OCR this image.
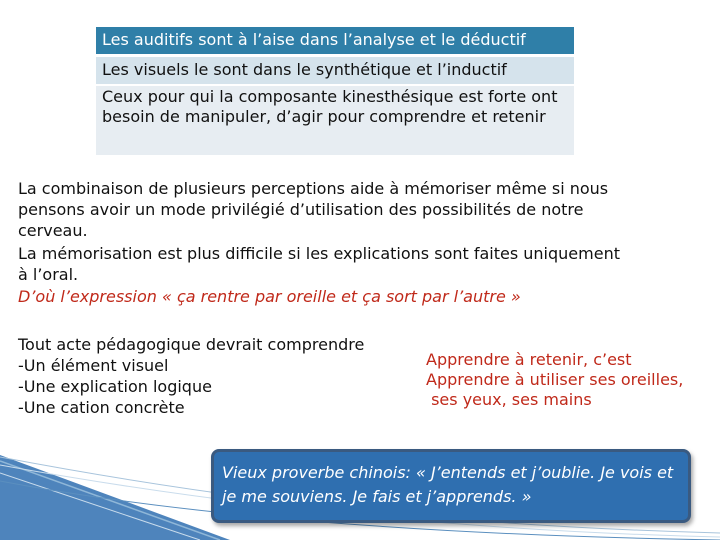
Les auditifs sont à l’aise dans l’analyse et le déductif
Les visuels le sont dans le synthétique et l’inductif
Ceux pour qui la composante kinesthésique est forte ont besoin de manipuler, d’agir pour comprendre et retenir
La combinaison de plusieurs perceptions aide à mémoriser même si nous
pensons avoir un mode privilégié d’utilisation des possibilités de notre
cerveau.
La mémorisation est plus difficile si les explications sont faites uniquement
à l’oral.
D’où l’expression « ça rentre par oreille et ça sort par l’autre »
Tout acte pédagogique devrait comprendre
-Un élément visuel
-Une explication logique
-Une cation concrète
Apprendre à retenir, c’est
Apprendre à utiliser ses oreilles,
ses yeux, ses mains
Vieux proverbe chinois: « J’entends et j’oublie. Je vois et je me souviens. Je fais et j’apprends. »
